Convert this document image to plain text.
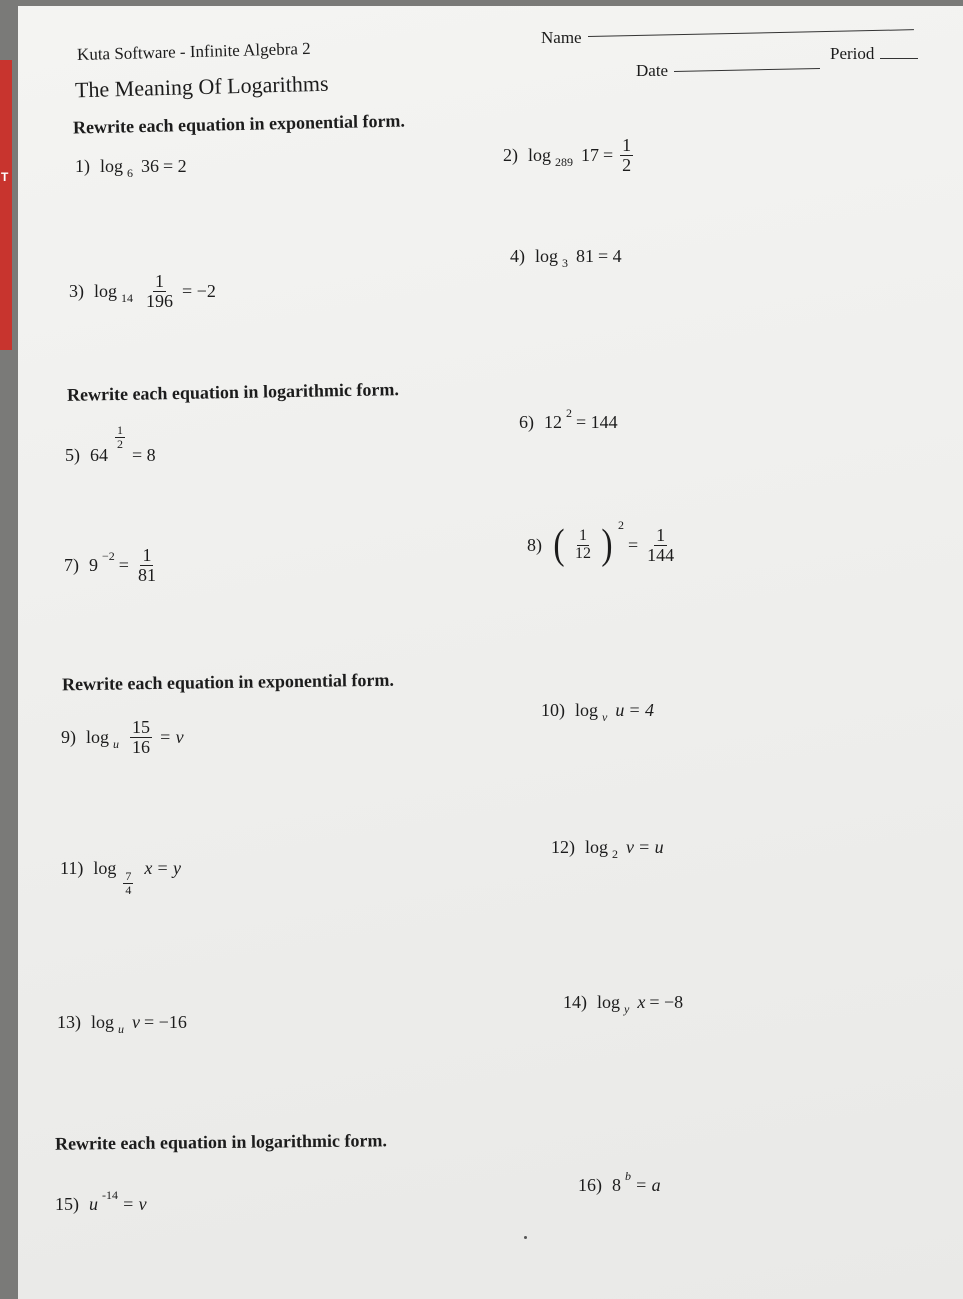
T
Kuta Software - Infinite Algebra 2
The Meaning Of Logarithms
Name
Date
Period
Rewrite each equation in exponential form.
1) log 6 36 = 2
2) log 289 $17 = \frac{1}{2}$
3) $\log 14 \frac{1}{196} = -2$
4) log 3 81 = 4
Rewrite each equation in logarithmic form.
5) 64
$\frac{1}{2}$
= 8
6) 12 2 = 144
7) $9 -2 = \frac{1}{81}$
8) ( $\frac{1}{12}$ ) 2
= $\frac{1}{144}$
Rewrite each equation in exponential form.
9) log u $\frac{15}{16} = v$
10) log v u = 4
11) log
$\frac{7}{4}$
x = y
12) log 2 v = u
13) log u v = −16
14) log y x = −8
Rewrite each equation in logarithmic form.
15) u -14 = v
16) 8 b = a
